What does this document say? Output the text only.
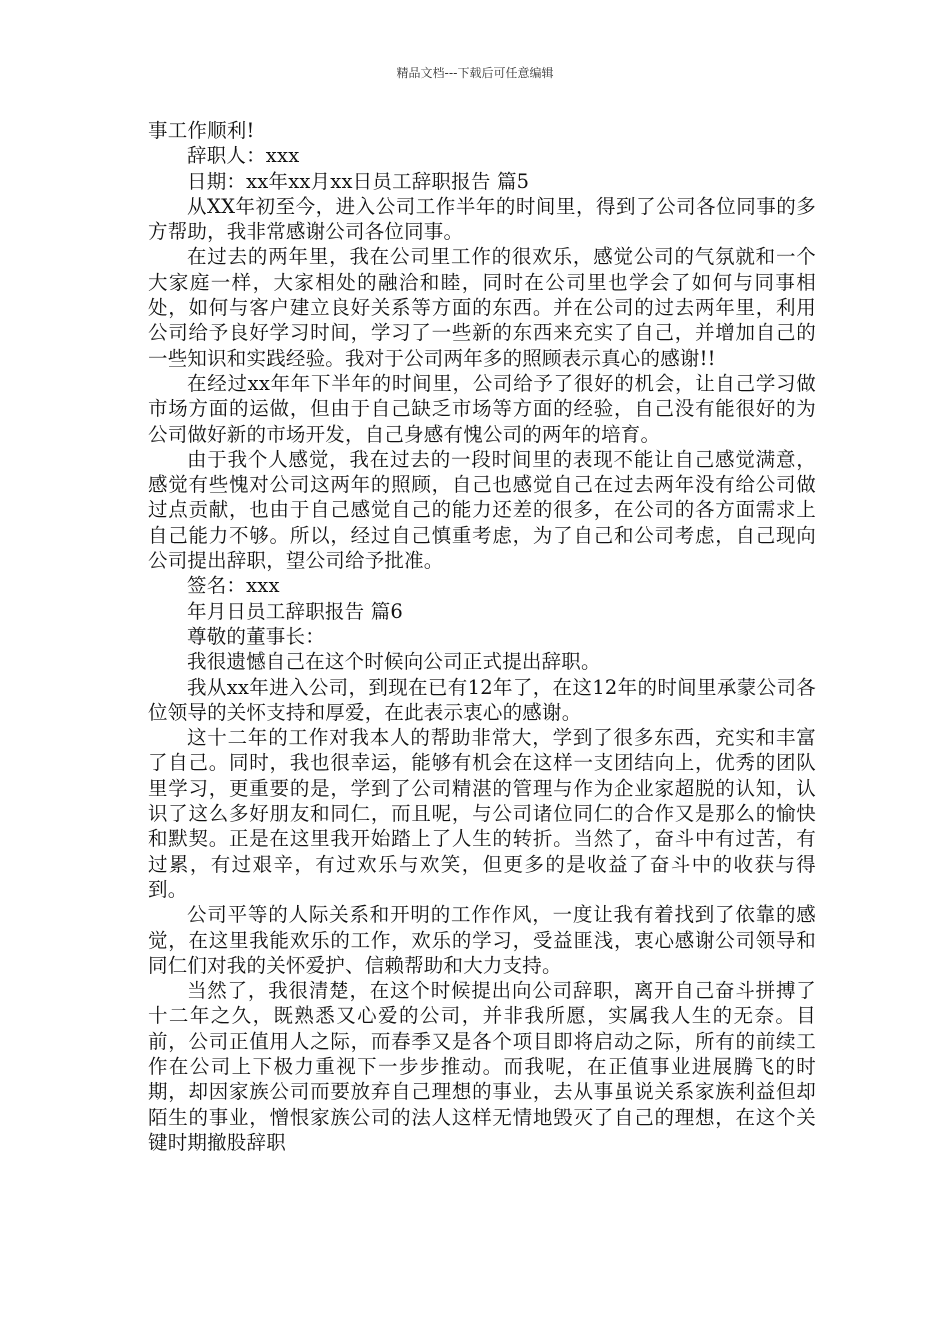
精品文档---下载后可任意编辑

事工作顺利!

辞职人：xxx

日期：xx年xx月xx日员工辞职报告 篇5

从XX年初至今，进入公司工作半年的时间里，得到了公司各位同事的多方帮助，我非常感谢公司各位同事。

在过去的两年里，我在公司里工作的很欢乐，感觉公司的气氛就和一个大家庭一样，大家相处的融洽和睦，同时在公司里也学会了如何与同事相处，如何与客户建立良好关系等方面的东西。并在公司的过去两年里，利用公司给予良好学习时间，学习了一些新的东西来充实了自己，并增加自己的一些知识和实践经验。我对于公司两年多的照顾表示真心的感谢!!

在经过xx年年下半年的时间里，公司给予了很好的机会，让自己学习做市场方面的运做，但由于自己缺乏市场等方面的经验，自己没有能很好的为公司做好新的市场开发，自己身感有愧公司的两年的培育。

由于我个人感觉，我在过去的一段时间里的表现不能让自己感觉满意，感觉有些愧对公司这两年的照顾，自己也感觉自己在过去两年没有给公司做过点贡献，也由于自己感觉自己的能力还差的很多，在公司的各方面需求上自己能力不够。所以，经过自己慎重考虑，为了自己和公司考虑，自己现向公司提出辞职，望公司给予批准。

签名：xxx

年月日员工辞职报告 篇6

尊敬的董事长：

我很遗憾自己在这个时候向公司正式提出辞职。

我从xx年进入公司，到现在已有12年了，在这12年的时间里承蒙公司各位领导的关怀支持和厚爱，在此表示衷心的感谢。

这十二年的工作对我本人的帮助非常大，学到了很多东西，充实和丰富了自己。同时，我也很幸运，能够有机会在这样一支团结向上，优秀的团队里学习，更重要的是，学到了公司精湛的管理与作为企业家超脱的认知，认识了这么多好朋友和同仁，而且呢，与公司诸位同仁的合作又是那么的愉快和默契。正是在这里我开始踏上了人生的转折。当然了，奋斗中有过苦，有过累，有过艰辛，有过欢乐与欢笑，但更多的是收益了奋斗中的收获与得到。

公司平等的人际关系和开明的工作作风，一度让我有着找到了依靠的感觉，在这里我能欢乐的工作，欢乐的学习，受益匪浅，衷心感谢公司领导和同仁们对我的关怀爱护、信赖帮助和大力支持。

当然了，我很清楚，在这个时候提出向公司辞职，离开自己奋斗拼搏了十二年之久，既熟悉又心爱的公司，并非我所愿，实属我人生的无奈。目前，公司正值用人之际，而春季又是各个项目即将启动之际，所有的前续工作在公司上下极力重视下一步步推动。而我呢，在正值事业进展腾飞的时期，却因家族公司而要放弃自己理想的事业，去从事虽说关系家族利益但却陌生的事业，憎恨家族公司的法人这样无情地毁灭了自己的理想，在这个关键时期撤股辞职
